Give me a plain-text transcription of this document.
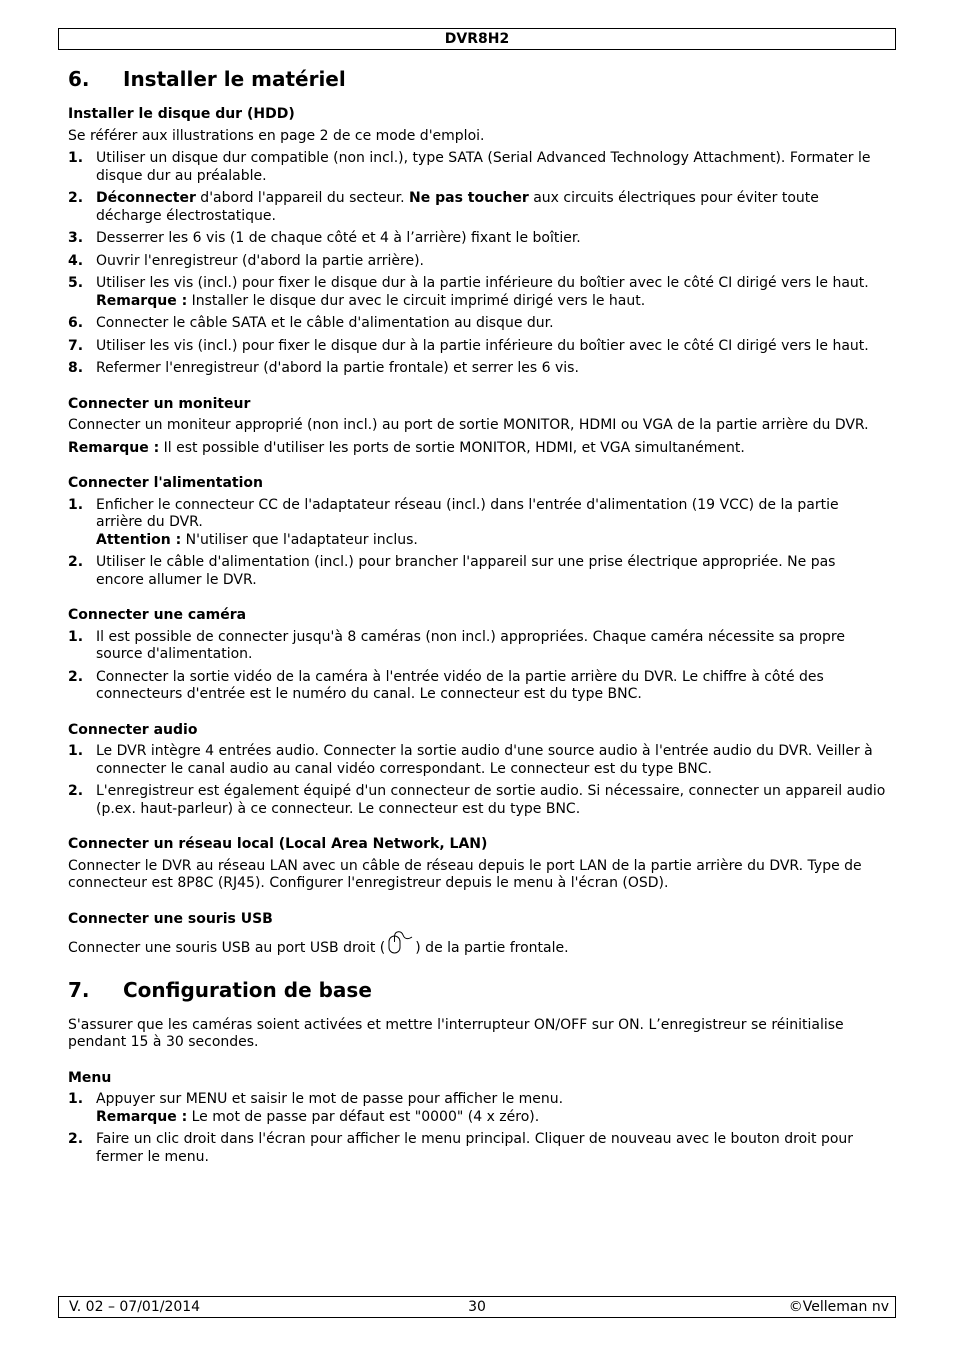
DVR8H2
6.	Installer le matériel
Installer le disque dur (HDD)

Se référer aux illustrations en page 2 de ce mode d'emploi.

1. Utiliser un disque dur compatible (non incl.), type SATA (Serial Advanced Technology Attachment). Formater le disque dur au préalable.
2. Déconnecter d'abord l'appareil du secteur. Ne pas toucher aux circuits électriques pour éviter toute décharge électrostatique.
3. Desserrer les 6 vis (1 de chaque côté et 4 à l’arrière) fixant le boîtier.
4. Ouvrir l'enregistreur (d'abord la partie arrière).
5. Utiliser les vis (incl.) pour fixer le disque dur à la partie inférieure du boîtier avec le côté CI dirigé vers le haut.
Remarque : Installer le disque dur avec le circuit imprimé dirigé vers le haut.
6. Connecter le câble SATA et le câble d'alimentation au disque dur.
7. Utiliser les vis (incl.) pour fixer le disque dur à la partie inférieure du boîtier avec le côté CI dirigé vers le haut.
8. Refermer l'enregistreur (d'abord la partie frontale) et serrer les 6 vis.
Connecter un moniteur

Connecter un moniteur approprié (non incl.) au port de sortie MONITOR, HDMI ou VGA de la partie arrière du DVR.

Remarque : Il est possible d'utiliser les ports de sortie MONITOR, HDMI, et VGA simultanément.

Connecter l'alimentation
1. Enficher le connecteur CC de l'adaptateur réseau (incl.) dans l'entrée d'alimentation (19 VCC) de la partie arrière du DVR.
Attention : N'utiliser que l'adaptateur inclus.
2. Utiliser le câble d'alimentation (incl.) pour brancher l'appareil sur une prise électrique appropriée. Ne pas encore allumer le DVR.
Connecter une caméra
1. Il est possible de connecter jusqu'à 8 caméras (non incl.) appropriées. Chaque caméra nécessite sa propre source d'alimentation.
2. Connecter la sortie vidéo de la caméra à l'entrée vidéo de la partie arrière du DVR. Le chiffre à côté des connecteurs d'entrée est le numéro du canal. Le connecteur est du type BNC.
Connecter audio
1. Le DVR intègre 4 entrées audio. Connecter la sortie audio d'une source audio à l'entrée audio du DVR. Veiller à connecter le canal audio au canal vidéo correspondant. Le connecteur est du type BNC.
2. L'enregistreur est également équipé d'un connecteur de sortie audio. Si nécessaire, connecter un appareil audio (p.ex. haut-parleur) à ce connecteur. Le connecteur est du type BNC.
Connecter un réseau local (Local Area Network, LAN)

Connecter le DVR au réseau LAN avec un câble de réseau depuis le port LAN de la partie arrière du DVR. Type de connecteur est 8P8C (RJ45). Configurer l'enregistreur depuis le menu à l'écran (OSD).

Connecter une souris USB

Connecter une souris USB au port USB droit ( ) de la partie frontale.

7.	Configuration de base

S'assurer que les caméras soient activées et mettre l'interrupteur ON/OFF sur ON. L’enregistreur se réinitialise pendant 15 à 30 secondes.

Menu
1. Appuyer sur MENU et saisir le mot de passe pour afficher le menu.
Remarque : Le mot de passe par défaut est "0000" (4 x zéro).
2. Faire un clic droit dans l'écran pour afficher le menu principal. Cliquer de nouveau avec le bouton droit pour fermer le menu.
V. 02 – 07/01/2014	30	©Velleman nv
